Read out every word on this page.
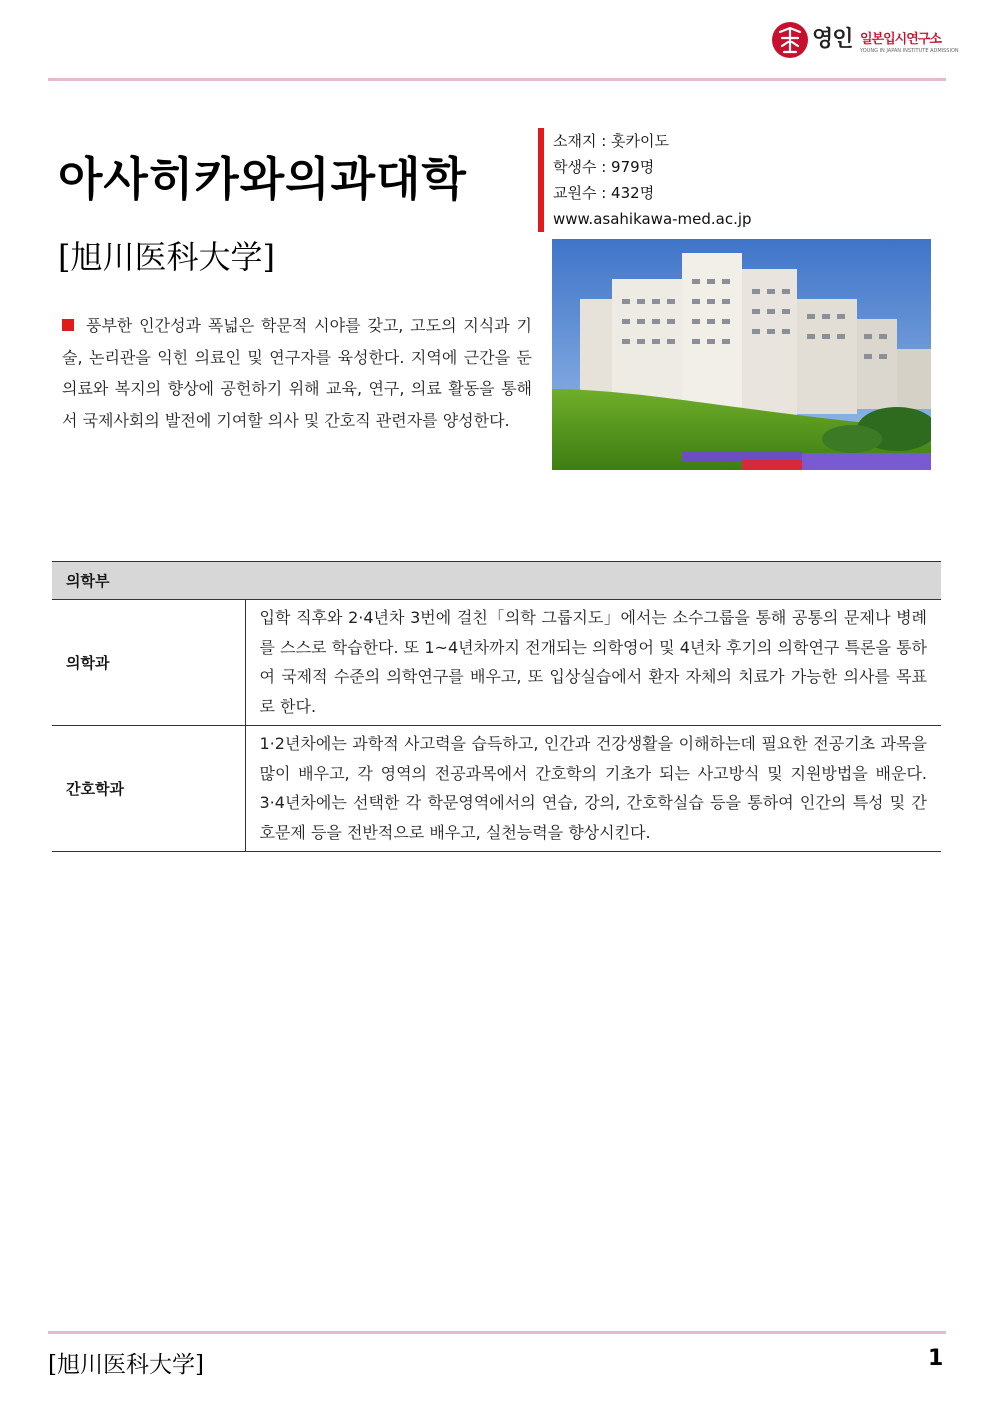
영인 일본입시연구소
YOUNG IN JAPAN INSTITUTE ADMISSION
아사히카와의과대학
[旭川医科大学]
소재지 : 홋카이도
학생수 : 979명
교원수 : 432명
www.asahikawa-med.ac.jp
풍부한 인간성과 폭넓은 학문적 시야를 갖고, 고도의 지식과 기술, 논리관을 익힌 의료인 및 연구자를 육성한다. 지역에 근간을 둔 의료와 복지의 향상에 공헌하기 위해 교육, 연구, 의료 활동을 통해서 국제사회의 발전에 기여할 의사 및 간호직 관련자를 양성한다.
의학부	
의학과	입학 직후와 2·4년차 3번에 걸친「의학 그룹지도」에서는 소수그룹을 통해 공통의 문제나 병례를 스스로 학습한다. 또 1~4년차까지 전개되는 의학영어 및 4년차 후기의 의학연구 특론을 통하여 국제적 수준의 의학연구를 배우고, 또 입상실습에서 환자 자체의 치료가 가능한 의사를 목표로 한다.
간호학과	1·2년차에는 과학적 사고력을 습득하고, 인간과 건강생활을 이해하는데 필요한 전공기초 과목을 많이 배우고, 각 영역의 전공과목에서 간호학의 기초가 되는 사고방식 및 지원방법을 배운다. 3·4년차에는 선택한 각 학문영역에서의 연습, 강의, 간호학실습 등을 통하여 인간의 특성 및 간호문제 등을 전반적으로 배우고, 실천능력을 향상시킨다.
[旭川医科大学]	1
